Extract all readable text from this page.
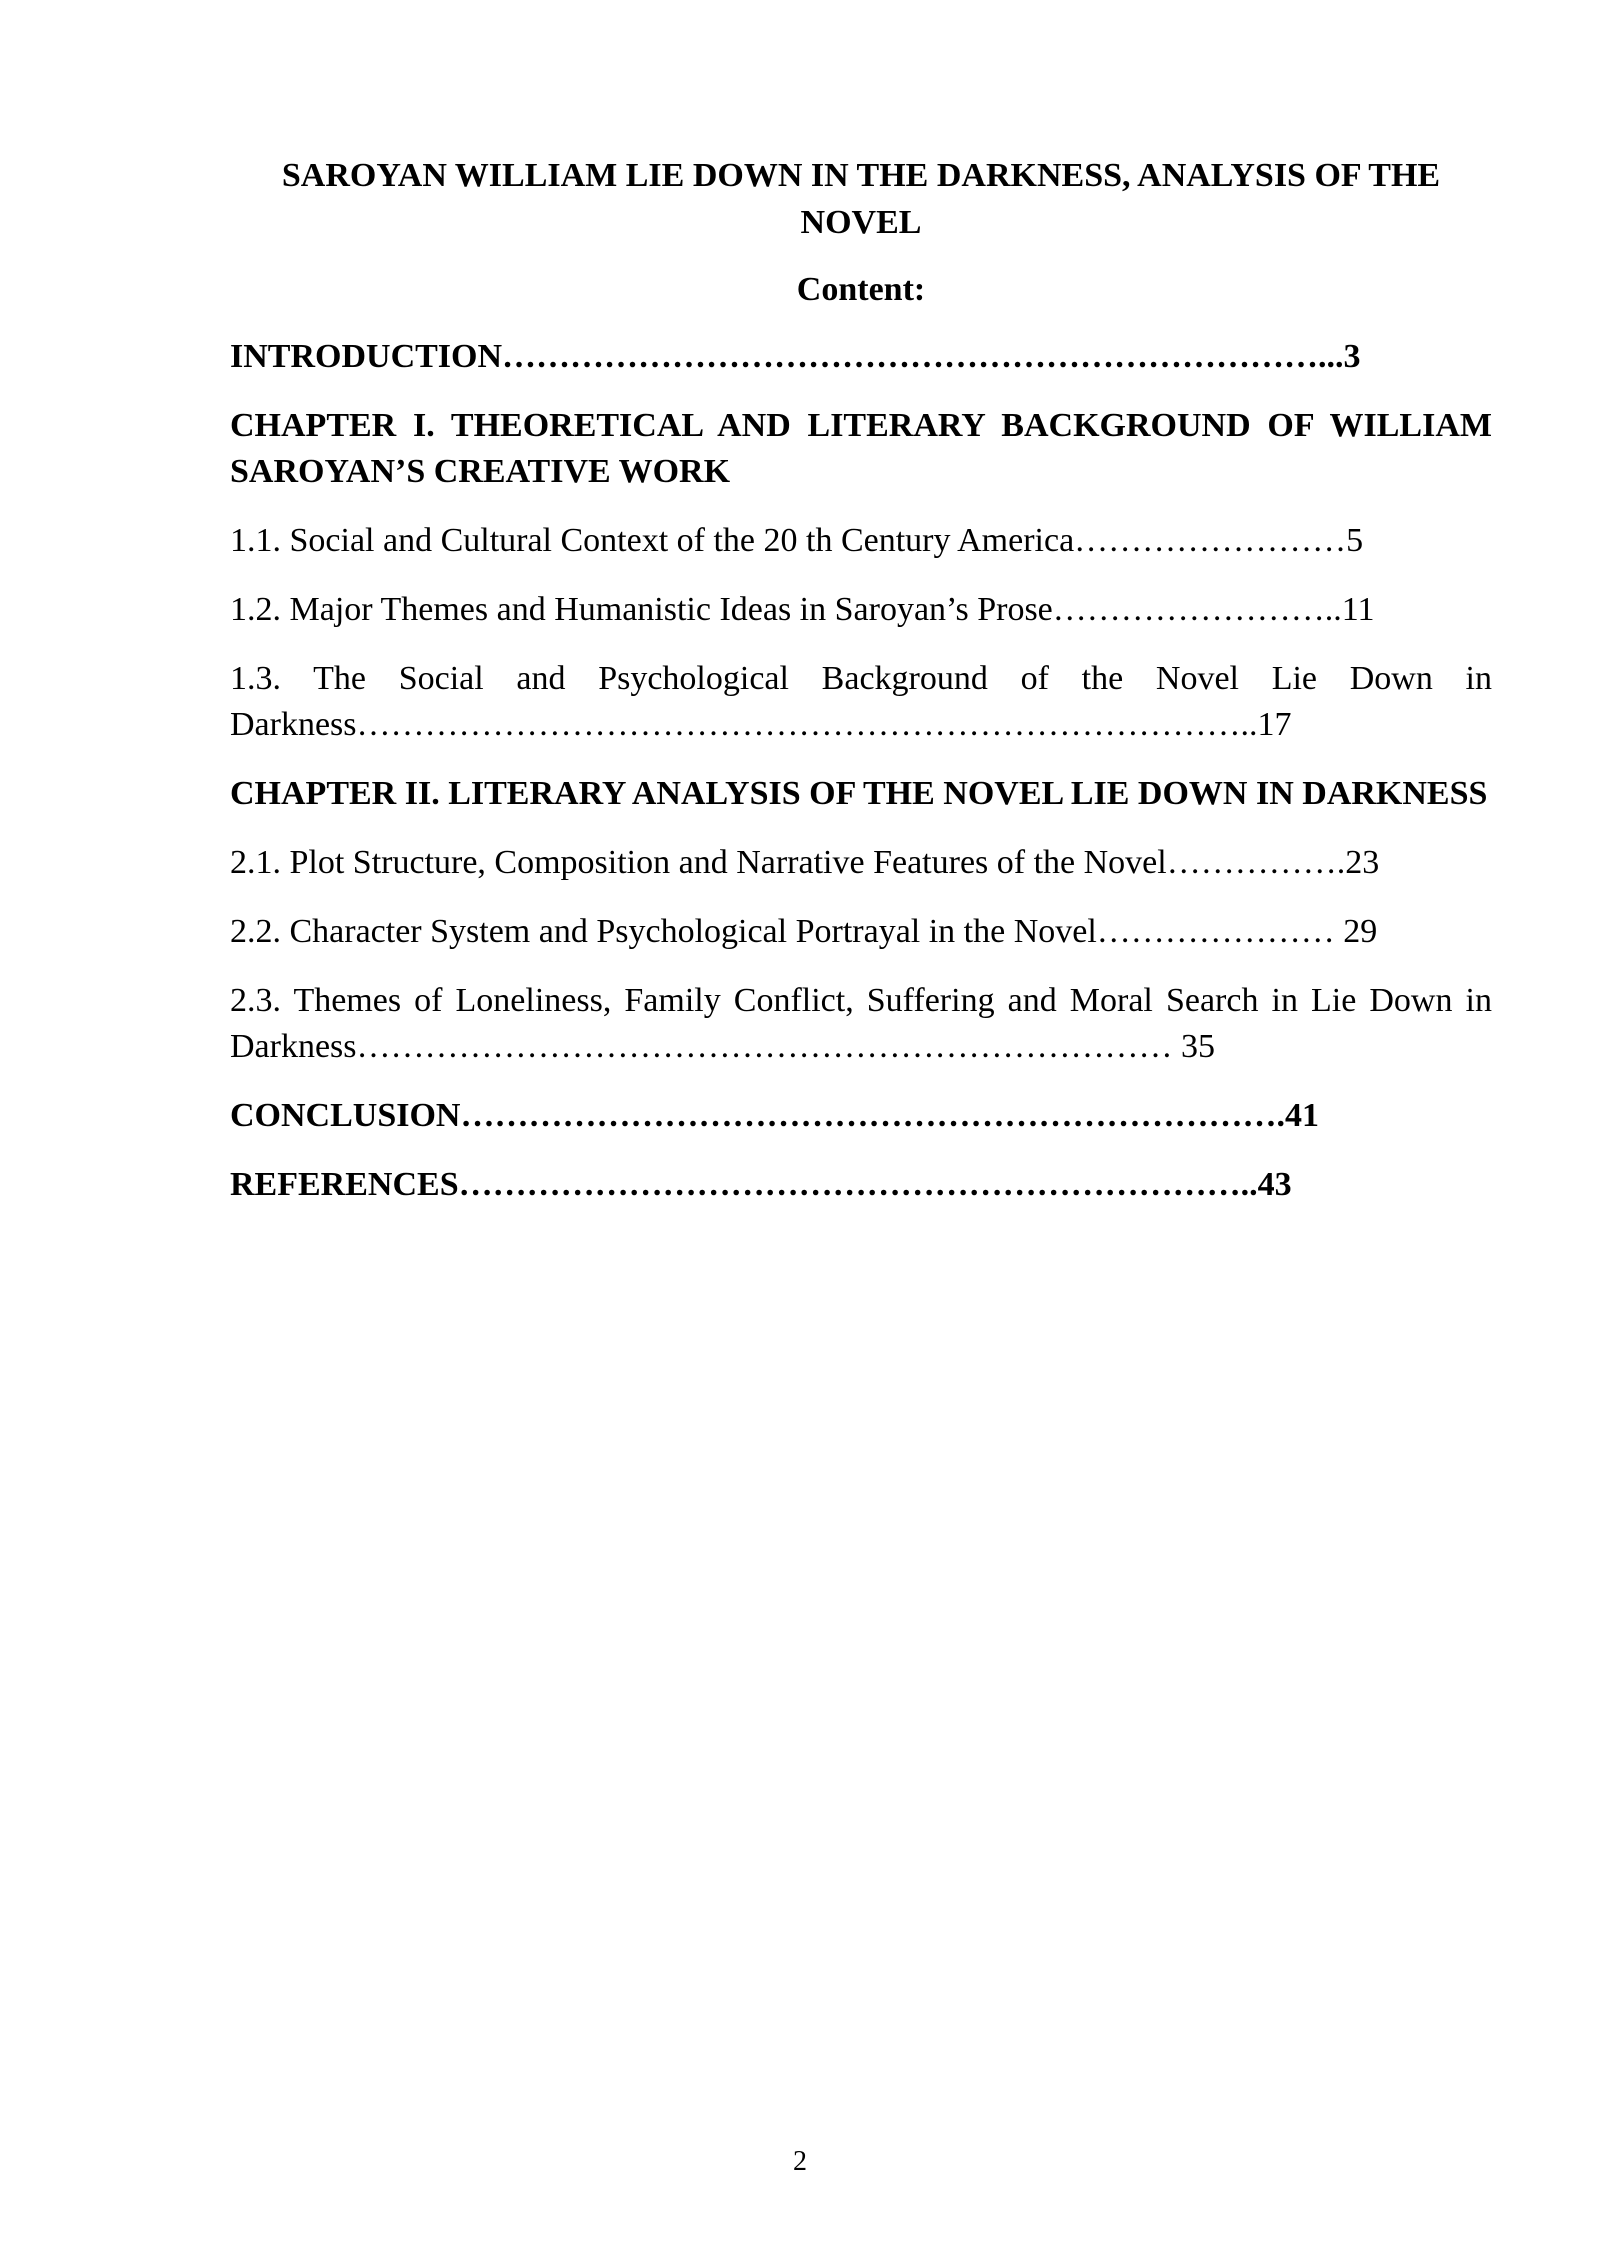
SAROYAN WILLIAM LIE DOWN IN THE DARKNESS, ANALYSIS OF THE NOVEL
Content:

INTRODUCTION………………………………………………………………...3

CHAPTER I. THEORETICAL AND LITERARY BACKGROUND OF WILLIAM SAROYAN’S CREATIVE WORK

1.1. Social and Cultural Context of the 20 th Century America……………………5

1.2. Major Themes and Humanistic Ideas in Saroyan’s Prose……………………..11

1.3. The Social and Psychological Background of the Novel Lie Down in Darkness……………………………………………………………………..17

CHAPTER II. LITERARY ANALYSIS OF THE NOVEL LIE DOWN IN DARKNESS

2.1. Plot Structure, Composition and Narrative Features of the Novel…………….23

2.2. Character System and Psychological Portrayal in the Novel………………… 29

2.3. Themes of Loneliness, Family Conflict, Suffering and Moral Search in Lie Down in Darkness……………………………………………………………… 35

CONCLUSION……………………………………………………………….41

REFERENCES……………………………………………………………..43

2
